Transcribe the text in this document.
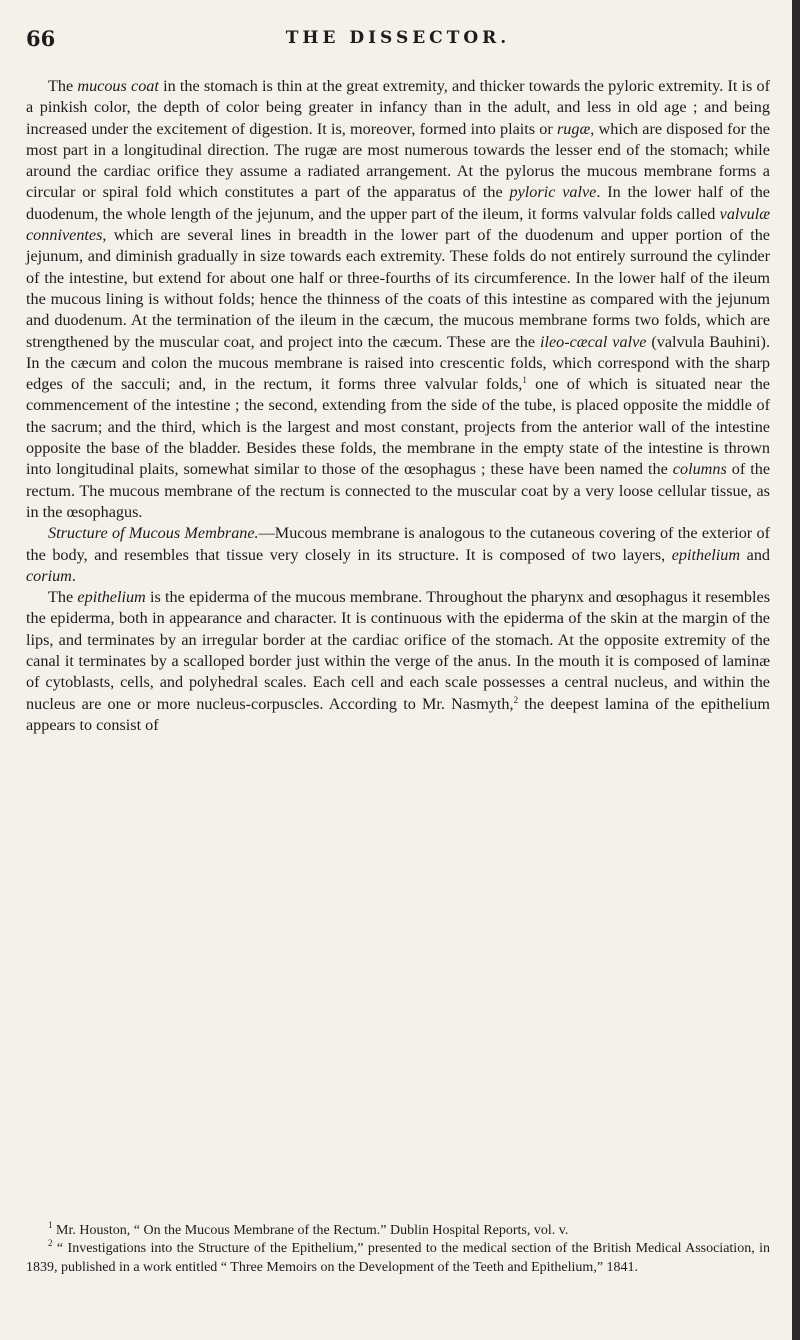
66	THE DISSECTOR.

The mucous coat in the stomach is thin at the great extremity, and thicker towards the pyloric extremity. It is of a pinkish color, the depth of color being greater in infancy than in the adult, and less in old age ; and being increased under the excitement of digestion. It is, moreover, formed into plaits or rugæ, which are disposed for the most part in a longitudinal direction. The rugæ are most numerous towards the lesser end of the stomach; while around the cardiac orifice they assume a radiated arrangement. At the pylorus the mucous membrane forms a circular or spiral fold which constitutes a part of the apparatus of the pyloric valve. In the lower half of the duodenum, the whole length of the jejunum, and the upper part of the ileum, it forms valvular folds called valvulæ conniventes, which are several lines in breadth in the lower part of the duodenum and upper portion of the jejunum, and diminish gradually in size towards each extremity. These folds do not entirely surround the cylinder of the intestine, but extend for about one half or three-fourths of its circumference. In the lower half of the ileum the mucous lining is without folds; hence the thinness of the coats of this intestine as compared with the jejunum and duodenum. At the termination of the ileum in the cæcum, the mucous membrane forms two folds, which are strengthened by the muscular coat, and project into the cæcum. These are the ileo-cæcal valve (valvula Bauhini). In the cæcum and colon the mucous membrane is raised into crescentic folds, which correspond with the sharp edges of the sacculi; and, in the rectum, it forms three valvular folds,$^1$ one of which is situated near the commencement of the intestine ; the second, extending from the side of the tube, is placed opposite the middle of the sacrum; and the third, which is the largest and most constant, projects from the anterior wall of the intestine opposite the base of the bladder. Besides these folds, the membrane in the empty state of the intestine is thrown into longitudinal plaits, somewhat similar to those of the œsophagus ; these have been named the columns of the rectum. The mucous membrane of the rectum is connected to the muscular coat by a very loose cellular tissue, as in the œsophagus.

Structure of Mucous Membrane.—Mucous membrane is analogous to the cutaneous covering of the exterior of the body, and resembles that tissue very closely in its structure. It is composed of two layers, epithelium and corium.

The epithelium is the epiderma of the mucous membrane. Throughout the pharynx and œsophagus it resembles the epiderma, both in appearance and character. It is continuous with the epiderma of the skin at the margin of the lips, and terminates by an irregular border at the cardiac orifice of the stomach. At the opposite extremity of the canal it terminates by a scalloped border just within the verge of the anus. In the mouth it is composed of laminæ of cytoblasts, cells, and polyhedral scales. Each cell and each scale possesses a central nucleus, and within the nucleus are one or more nucleus-corpuscles. According to Mr. Nasmyth,$^2$ the deepest lamina of the epithelium appears to consist of

$^1$ Mr. Houston, “ On the Mucous Membrane of the Rectum.” Dublin Hospital Reports, vol. v.

$^2$ “ Investigations into the Structure of the Epithelium,” presented to the medical section of the British Medical Association, in 1839, published in a work entitled “ Three Memoirs on the Development of the Teeth and Epithelium,” 1841.
